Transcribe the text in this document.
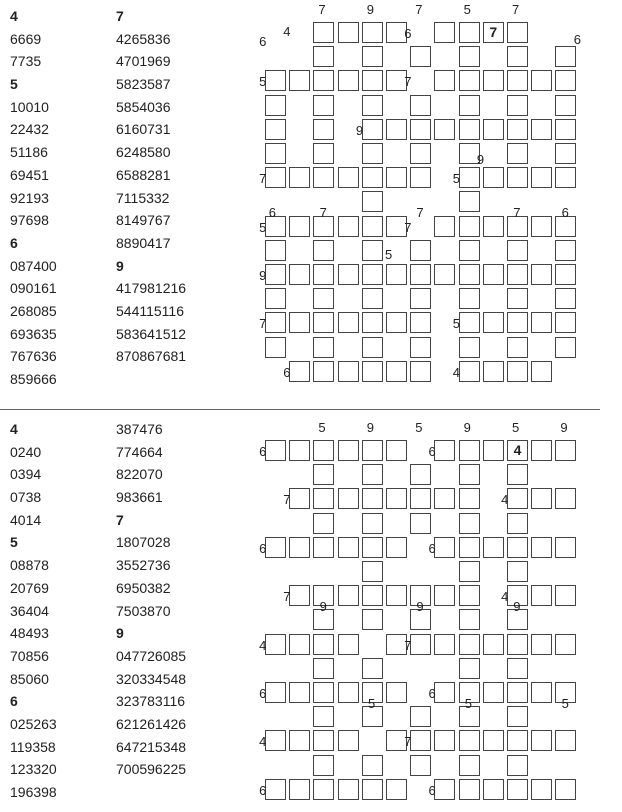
4
6669
7735
5
10010
22432
51186
69451
92193
97698
6
087400
090161
268085
693635
767636
859666
7
4265836
4701969
5823587
5854036
6160731
6248580
6588281
7115332
8149767
8890417
9
417981216
544115116
583641512
870867681
7
7	9	7	5	7
6
4	6	6
5	7
9
9
7	5
6	7	7	7	6
5	7
5
9
7	5
6	4
4
0240
0394
0738
4014
5
08878
20769
36404
48493
70856
85060
6
025263
119358
123320
196398
387476
774664
822070
983661
7
1807028
3552736
6950382
7503870
9
047726085
320334548
323783116
621261426
647215348
700596225
4
5	9	5	9	5	9
6	6
7	4
6	6
9	9	9
7	4
4	7
5	5	5
6	6
4	7
6	6
